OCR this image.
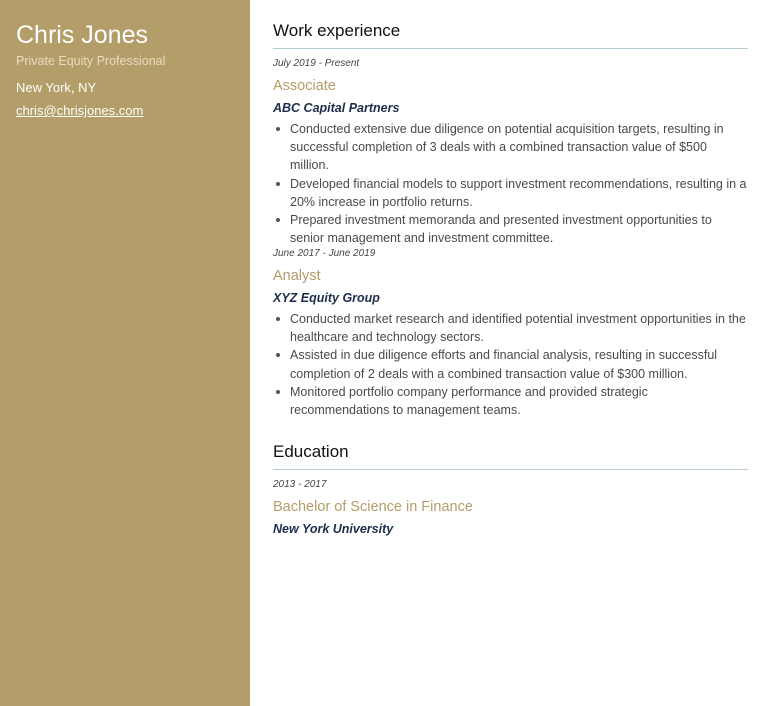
Chris Jones
Private Equity Professional
New York, NY
chris@chrisjones.com
Work experience
July 2019 - Present
Associate
ABC Capital Partners
Conducted extensive due diligence on potential acquisition targets, resulting in successful completion of 3 deals with a combined transaction value of $500 million.
Developed financial models to support investment recommendations, resulting in a 20% increase in portfolio returns.
Prepared investment memoranda and presented investment opportunities to senior management and investment committee.
June 2017 - June 2019
Analyst
XYZ Equity Group
Conducted market research and identified potential investment opportunities in the healthcare and technology sectors.
Assisted in due diligence efforts and financial analysis, resulting in successful completion of 2 deals with a combined transaction value of $300 million.
Monitored portfolio company performance and provided strategic recommendations to management teams.
Education
2013 - 2017
Bachelor of Science in Finance
New York University
